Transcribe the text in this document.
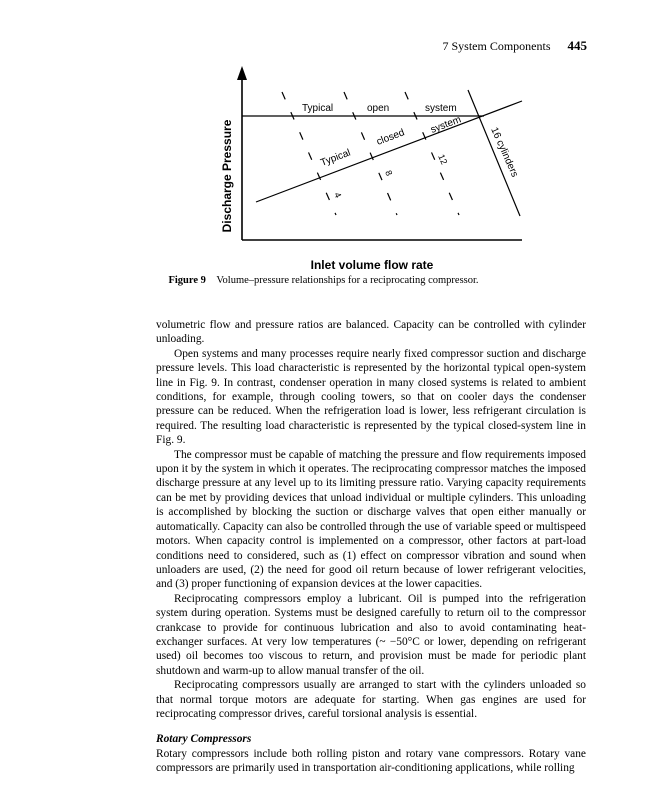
7 System Components 445
Discharge Pressure
Inlet volume flow rate
Typical	open	system
Typical
closed
system
4
8
12	16 cylinders
Figure 9 Volume–pressure relationships for a reciprocating compressor.

volumetric flow and pressure ratios are balanced. Capacity can be controlled with cylinder unloading.

Open systems and many processes require nearly fixed compressor suction and discharge pressure levels. This load characteristic is represented by the horizontal typical open-system line in Fig. 9. In contrast, condenser operation in many closed systems is related to ambient conditions, for example, through cooling towers, so that on cooler days the condenser pressure can be reduced. When the refrigeration load is lower, less refrigerant circulation is required. The resulting load characteristic is represented by the typical closed-system line in Fig. 9.

The compressor must be capable of matching the pressure and flow requirements imposed upon it by the system in which it operates. The reciprocating compressor matches the imposed discharge pressure at any level up to its limiting pressure ratio. Varying capacity requirements can be met by providing devices that unload individual or multiple cylinders. This unloading is accomplished by blocking the suction or discharge valves that open either manually or automatically. Capacity can also be controlled through the use of variable speed or multispeed motors. When capacity control is implemented on a compressor, other factors at part-load conditions need to considered, such as (1) effect on compressor vibration and sound when unloaders are used, (2) the need for good oil return because of lower refrigerant velocities, and (3) proper functioning of expansion devices at the lower capacities.

Reciprocating compressors employ a lubricant. Oil is pumped into the refrigeration system during operation. Systems must be designed carefully to return oil to the compressor crankcase to provide for continuous lubrication and also to avoid contaminating heat-exchanger surfaces. At very low temperatures (~ −50°C or lower, depending on refrigerant used) oil becomes too viscous to return, and provision must be made for periodic plant shutdown and warm-up to allow manual transfer of the oil.

Reciprocating compressors usually are arranged to start with the cylinders unloaded so that normal torque motors are adequate for starting. When gas engines are used for reciprocating compressor drives, careful torsional analysis is essential.

Rotary Compressors

Rotary compressors include both rolling piston and rotary vane compressors. Rotary vane compressors are primarily used in transportation air-conditioning applications, while rolling
